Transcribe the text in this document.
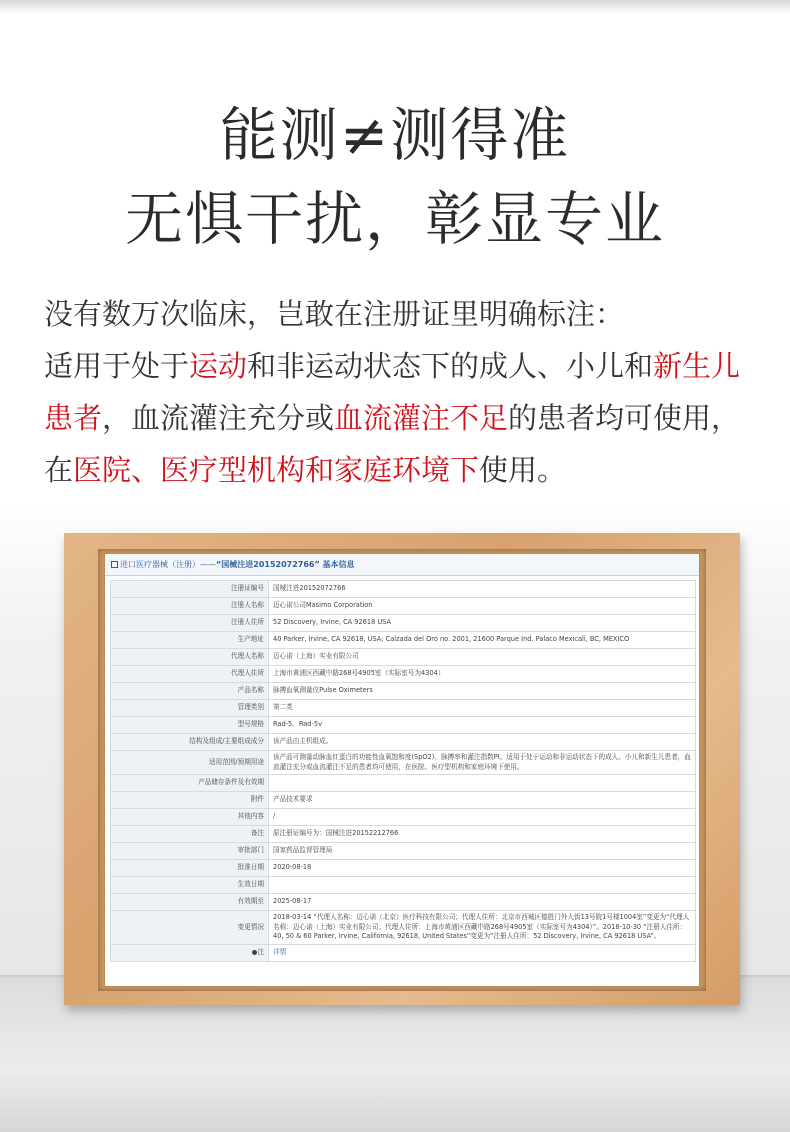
能测≠测得准
无惧干扰，彰显专业
没有数万次临床，岂敢在注册证里明确标注：
适用于处于运动和非运动状态下的成人、小儿和新生儿患者，血流灌注充分或血流灌注不足的患者均可使用，在医院、医疗型机构和家庭环境下使用。
进口医疗器械（注册）——“国械注进20152072766” 基本信息
注册证编号	国械注进20152072766
注册人名称	迈心诺公司Masimo Corporation
注册人住所	52 Discovery, Irvine, CA 92618 USA
生产地址	40 Parker, Irvine, CA 92618, USA; Calzada del Oro no. 2001, 21600 Parque Ind. Palaco Mexicali, BC, MEXICO
代理人名称	迈心诺（上海）实业有限公司
代理人住所	上海市黄浦区西藏中路268号4905室（实际室号为4304）
产品名称	脉搏血氧测量仪Pulse Oximeters
管理类别	第二类
型号规格	Rad-5、Rad-5v
结构及组成/主要组成成分	该产品由主机组成。
适用范围/预期用途	该产品可测量动脉血红蛋白的功能性血氧饱和度(SpO2)、脉搏率和灌注指数PI。适用于处于运动和非运动状态下的成人、小儿和新生儿患者，血流灌注充分或血流灌注不足的患者均可使用，在医院、医疗型机构和家庭环境下使用。
产品储存条件及有效期	
附件	产品技术要求
其他内容	/
备注	原注册证编号为：国械注进20152212766
审批部门	国家药品监督管理局
批准日期	2020-08-18
生效日期	
有效期至	2025-08-17
变更情况	2018-03-14 “代理人名称：迈心诺（北京）医疗科技有限公司；代理人住所：北京市西城区德胜门外大街13号院1号楼1004室”变更为“代理人名称：迈心诺（上海）实业有限公司；代理人住所：上海市黄浦区西藏中路268号4905室（实际室号为4304）”。2018-10-30 “注册人住所：40, 50 & 60 Parker, Irvine, California, 92618, United States”变更为“注册人住所：52 Discovery, Irvine, CA 92618 USA”。
●注	详情
